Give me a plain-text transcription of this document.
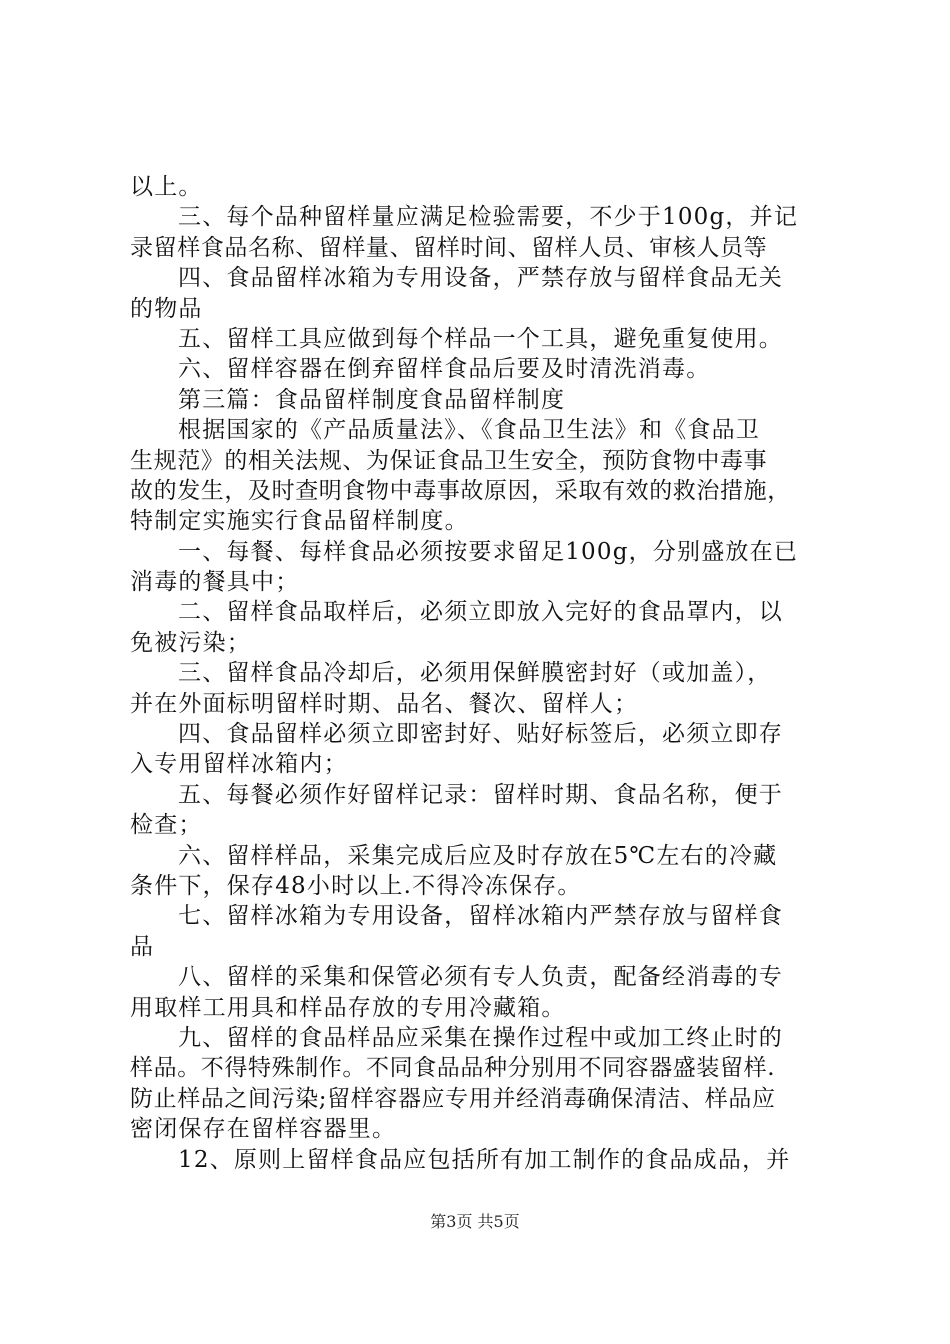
以上。
三、每个品种留样量应满足检验需要，不少于100g，并记
录留样食品名称、留样量、留样时间、留样人员、审核人员等
四、食品留样冰箱为专用设备，严禁存放与留样食品无关
的物品
五、留样工具应做到每个样品一个工具，避免重复使用。
六、留样容器在倒弃留样食品后要及时清洗消毒。
第三篇：食品留样制度食品留样制度
根据国家的《产品质量法》、《食品卫生法》和《食品卫
生规范》的相关法规、为保证食品卫生安全，预防食物中毒事
故的发生，及时查明食物中毒事故原因，采取有效的救治措施，
特制定实施实行食品留样制度。
一、每餐、每样食品必须按要求留足100g，分别盛放在已
消毒的餐具中；
二、留样食品取样后，必须立即放入完好的食品罩内，以
免被污染；
三、留样食品冷却后，必须用保鲜膜密封好（或加盖），
并在外面标明留样时期、品名、餐次、留样人；
四、食品留样必须立即密封好、贴好标签后，必须立即存
入专用留样冰箱内；
五、每餐必须作好留样记录：留样时期、食品名称，便于
检查；
六、留样样品，采集完成后应及时存放在5℃左右的冷藏
条件下，保存48小时以上.不得冷冻保存。
七、留样冰箱为专用设备，留样冰箱内严禁存放与留样食
品
八、留样的采集和保管必须有专人负责，配备经消毒的专
用取样工用具和样品存放的专用冷藏箱。
九、留样的食品样品应采集在操作过程中或加工终止时的
样品。不得特殊制作。不同食品品种分别用不同容器盛装留样.
防止样品之间污染;留样容器应专用并经消毒确保清洁、样品应
密闭保存在留样容器里。
12、原则上留样食品应包括所有加工制作的食品成品，并
第3页 共5页
